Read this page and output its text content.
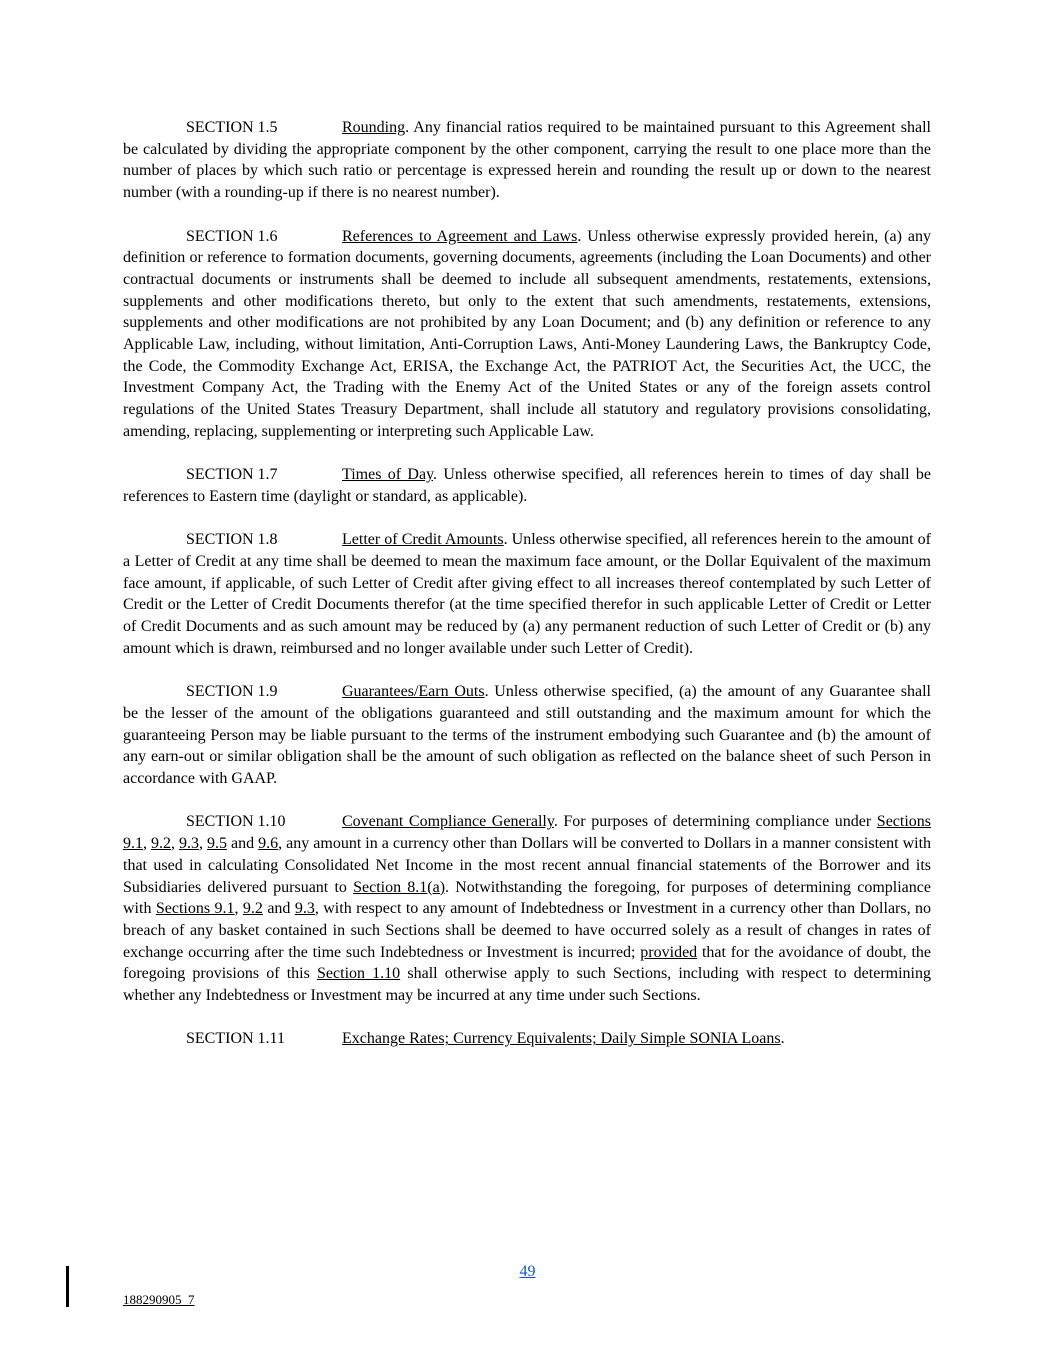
SECTION 1.5	Rounding. Any financial ratios required to be maintained pursuant to this Agreement shall be calculated by dividing the appropriate component by the other component, carrying the result to one place more than the number of places by which such ratio or percentage is expressed herein and rounding the result up or down to the nearest number (with a rounding-up if there is no nearest number).

SECTION 1.6	References to Agreement and Laws. Unless otherwise expressly provided herein, (a) any definition or reference to formation documents, governing documents, agreements (including the Loan Documents) and other contractual documents or instruments shall be deemed to include all subsequent amendments, restatements, extensions, supplements and other modifications thereto, but only to the extent that such amendments, restatements, extensions, supplements and other modifications are not prohibited by any Loan Document; and (b) any definition or reference to any Applicable Law, including, without limitation, Anti-Corruption Laws, Anti-Money Laundering Laws, the Bankruptcy Code, the Code, the Commodity Exchange Act, ERISA, the Exchange Act, the PATRIOT Act, the Securities Act, the UCC, the Investment Company Act, the Trading with the Enemy Act of the United States or any of the foreign assets control regulations of the United States Treasury Department, shall include all statutory and regulatory provisions consolidating, amending, replacing, supplementing or interpreting such Applicable Law.

SECTION 1.7	Times of Day. Unless otherwise specified, all references herein to times of day shall be references to Eastern time (daylight or standard, as applicable).

SECTION 1.8	Letter of Credit Amounts. Unless otherwise specified, all references herein to the amount of a Letter of Credit at any time shall be deemed to mean the maximum face amount, or the Dollar Equivalent of the maximum face amount, if applicable, of such Letter of Credit after giving effect to all increases thereof contemplated by such Letter of Credit or the Letter of Credit Documents therefor (at the time specified therefor in such applicable Letter of Credit or Letter of Credit Documents and as such amount may be reduced by (a) any permanent reduction of such Letter of Credit or (b) any amount which is drawn, reimbursed and no longer available under such Letter of Credit).

SECTION 1.9	Guarantees/Earn Outs. Unless otherwise specified, (a) the amount of any Guarantee shall be the lesser of the amount of the obligations guaranteed and still outstanding and the maximum amount for which the guaranteeing Person may be liable pursuant to the terms of the instrument embodying such Guarantee and (b) the amount of any earn-out or similar obligation shall be the amount of such obligation as reflected on the balance sheet of such Person in accordance with GAAP.

SECTION 1.10	Covenant Compliance Generally. For purposes of determining compliance under Sections 9.1, 9.2, 9.3, 9.5 and 9.6, any amount in a currency other than Dollars will be converted to Dollars in a manner consistent with that used in calculating Consolidated Net Income in the most recent annual financial statements of the Borrower and its Subsidiaries delivered pursuant to Section 8.1(a). Notwithstanding the foregoing, for purposes of determining compliance with Sections 9.1, 9.2 and 9.3, with respect to any amount of Indebtedness or Investment in a currency other than Dollars, no breach of any basket contained in such Sections shall be deemed to have occurred solely as a result of changes in rates of exchange occurring after the time such Indebtedness or Investment is incurred; provided that for the avoidance of doubt, the foregoing provisions of this Section 1.10 shall otherwise apply to such Sections, including with respect to determining whether any Indebtedness or Investment may be incurred at any time under such Sections.

SECTION 1.11	Exchange Rates; Currency Equivalents; Daily Simple SONIA Loans.

49
188290905_7
